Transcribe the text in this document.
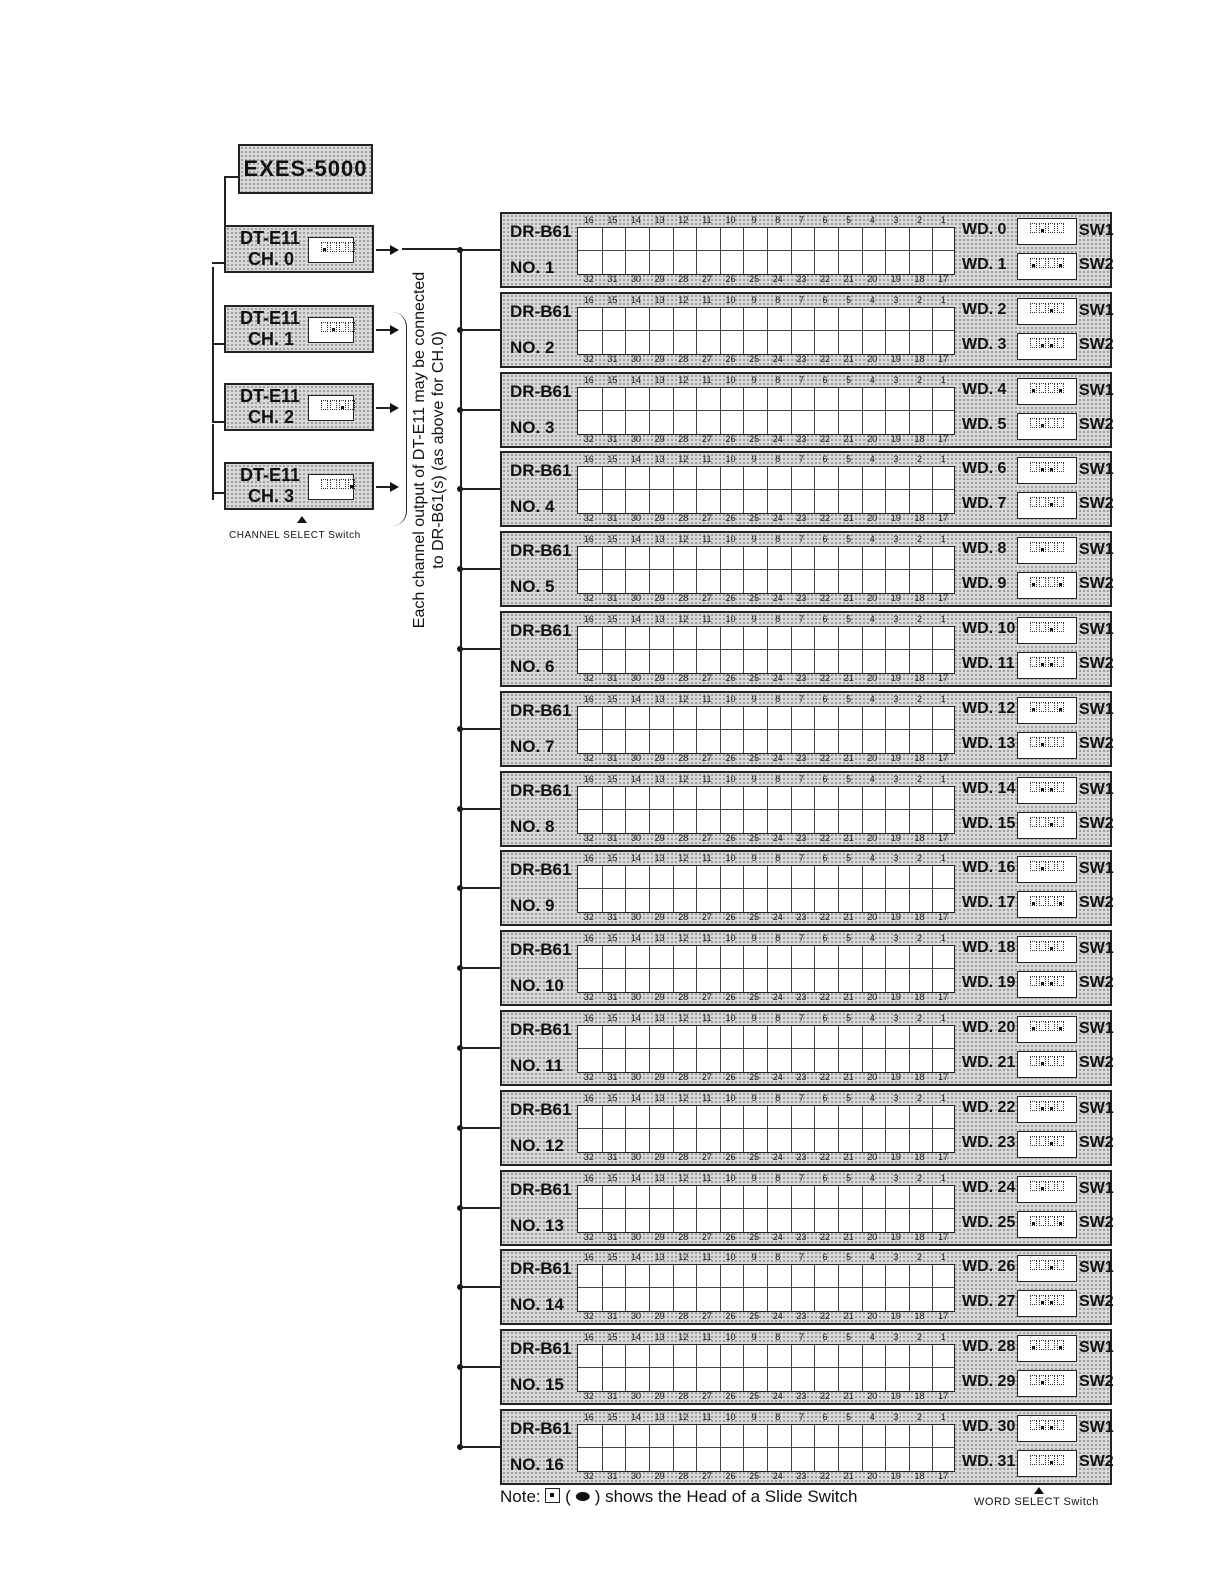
EXES-5000
DT-E11
CH. 0
DT-E11
CH. 1
DT-E11
CH. 2
DT-E11
CH. 3
CHANNEL SELECT Switch	Each channel output of DT-E11 may be connected to DR-B61(s) (as above for CH.0)
DR-B61
NO. 1
16	15	14	13	12	11	10	9	8	7	6	5	4	3	2	1
32	31	30	29	28	27	26	25	24	23	22	21	20	19	18	17
WD. 0
WD. 1
SW1
SW2
DR-B61
NO. 2
16	15	14	13	12	11	10	9	8	7	6	5	4	3	2	1
32	31	30	29	28	27	26	25	24	23	22	21	20	19	18	17
WD. 2
WD. 3
SW1
SW2
DR-B61
NO. 3
16	15	14	13	12	11	10	9	8	7	6	5	4	3	2	1
32	31	30	29	28	27	26	25	24	23	22	21	20	19	18	17
WD. 4
WD. 5
SW1
SW2
DR-B61
NO. 4
16	15	14	13	12	11	10	9	8	7	6	5	4	3	2	1
32	31	30	29	28	27	26	25	24	23	22	21	20	19	18	17
WD. 6
WD. 7
SW1
SW2
DR-B61
NO. 5
16	15	14	13	12	11	10	9	8	7	6	5	4	3	2	1
32	31	30	29	28	27	26	25	24	23	22	21	20	19	18	17
WD. 8
WD. 9
SW1
SW2
DR-B61
NO. 6
16	15	14	13	12	11	10	9	8	7	6	5	4	3	2	1
32	31	30	29	28	27	26	25	24	23	22	21	20	19	18	17
WD. 10
WD. 11
SW1
SW2
DR-B61
NO. 7
16	15	14	13	12	11	10	9	8	7	6	5	4	3	2	1
32	31	30	29	28	27	26	25	24	23	22	21	20	19	18	17
WD. 12
WD. 13
SW1
SW2
DR-B61
NO. 8
16	15	14	13	12	11	10	9	8	7	6	5	4	3	2	1
32	31	30	29	28	27	26	25	24	23	22	21	20	19	18	17
WD. 14
WD. 15
SW1
SW2
DR-B61
NO. 9
16	15	14	13	12	11	10	9	8	7	6	5	4	3	2	1
32	31	30	29	28	27	26	25	24	23	22	21	20	19	18	17
WD. 16
WD. 17
SW1
SW2
DR-B61
NO. 10
16	15	14	13	12	11	10	9	8	7	6	5	4	3	2	1
32	31	30	29	28	27	26	25	24	23	22	21	20	19	18	17
WD. 18
WD. 19
SW1
SW2
DR-B61
NO. 11
16	15	14	13	12	11	10	9	8	7	6	5	4	3	2	1
32	31	30	29	28	27	26	25	24	23	22	21	20	19	18	17
WD. 20
WD. 21
SW1
SW2
DR-B61
NO. 12
16	15	14	13	12	11	10	9	8	7	6	5	4	3	2	1
32	31	30	29	28	27	26	25	24	23	22	21	20	19	18	17
WD. 22
WD. 23
SW1
SW2
DR-B61
NO. 13
16	15	14	13	12	11	10	9	8	7	6	5	4	3	2	1
32	31	30	29	28	27	26	25	24	23	22	21	20	19	18	17
WD. 24
WD. 25
SW1
SW2
DR-B61
NO. 14
16	15	14	13	12	11	10	9	8	7	6	5	4	3	2	1
32	31	30	29	28	27	26	25	24	23	22	21	20	19	18	17
WD. 26
WD. 27
SW1
SW2
DR-B61
NO. 15
16	15	14	13	12	11	10	9	8	7	6	5	4	3	2	1
32	31	30	29	28	27	26	25	24	23	22	21	20	19	18	17
WD. 28
WD. 29
SW1
SW2
DR-B61
NO. 16
16	15	14	13	12	11	10	9	8	7	6	5	4	3	2	1
32	31	30	29	28	27	26	25	24	23	22	21	20	19	18	17
WD. 30
WD. 31
SW1
SW2
Note:  ( ⬬ ) shows the Head of a Slide Switch	WORD SELECT Switch
